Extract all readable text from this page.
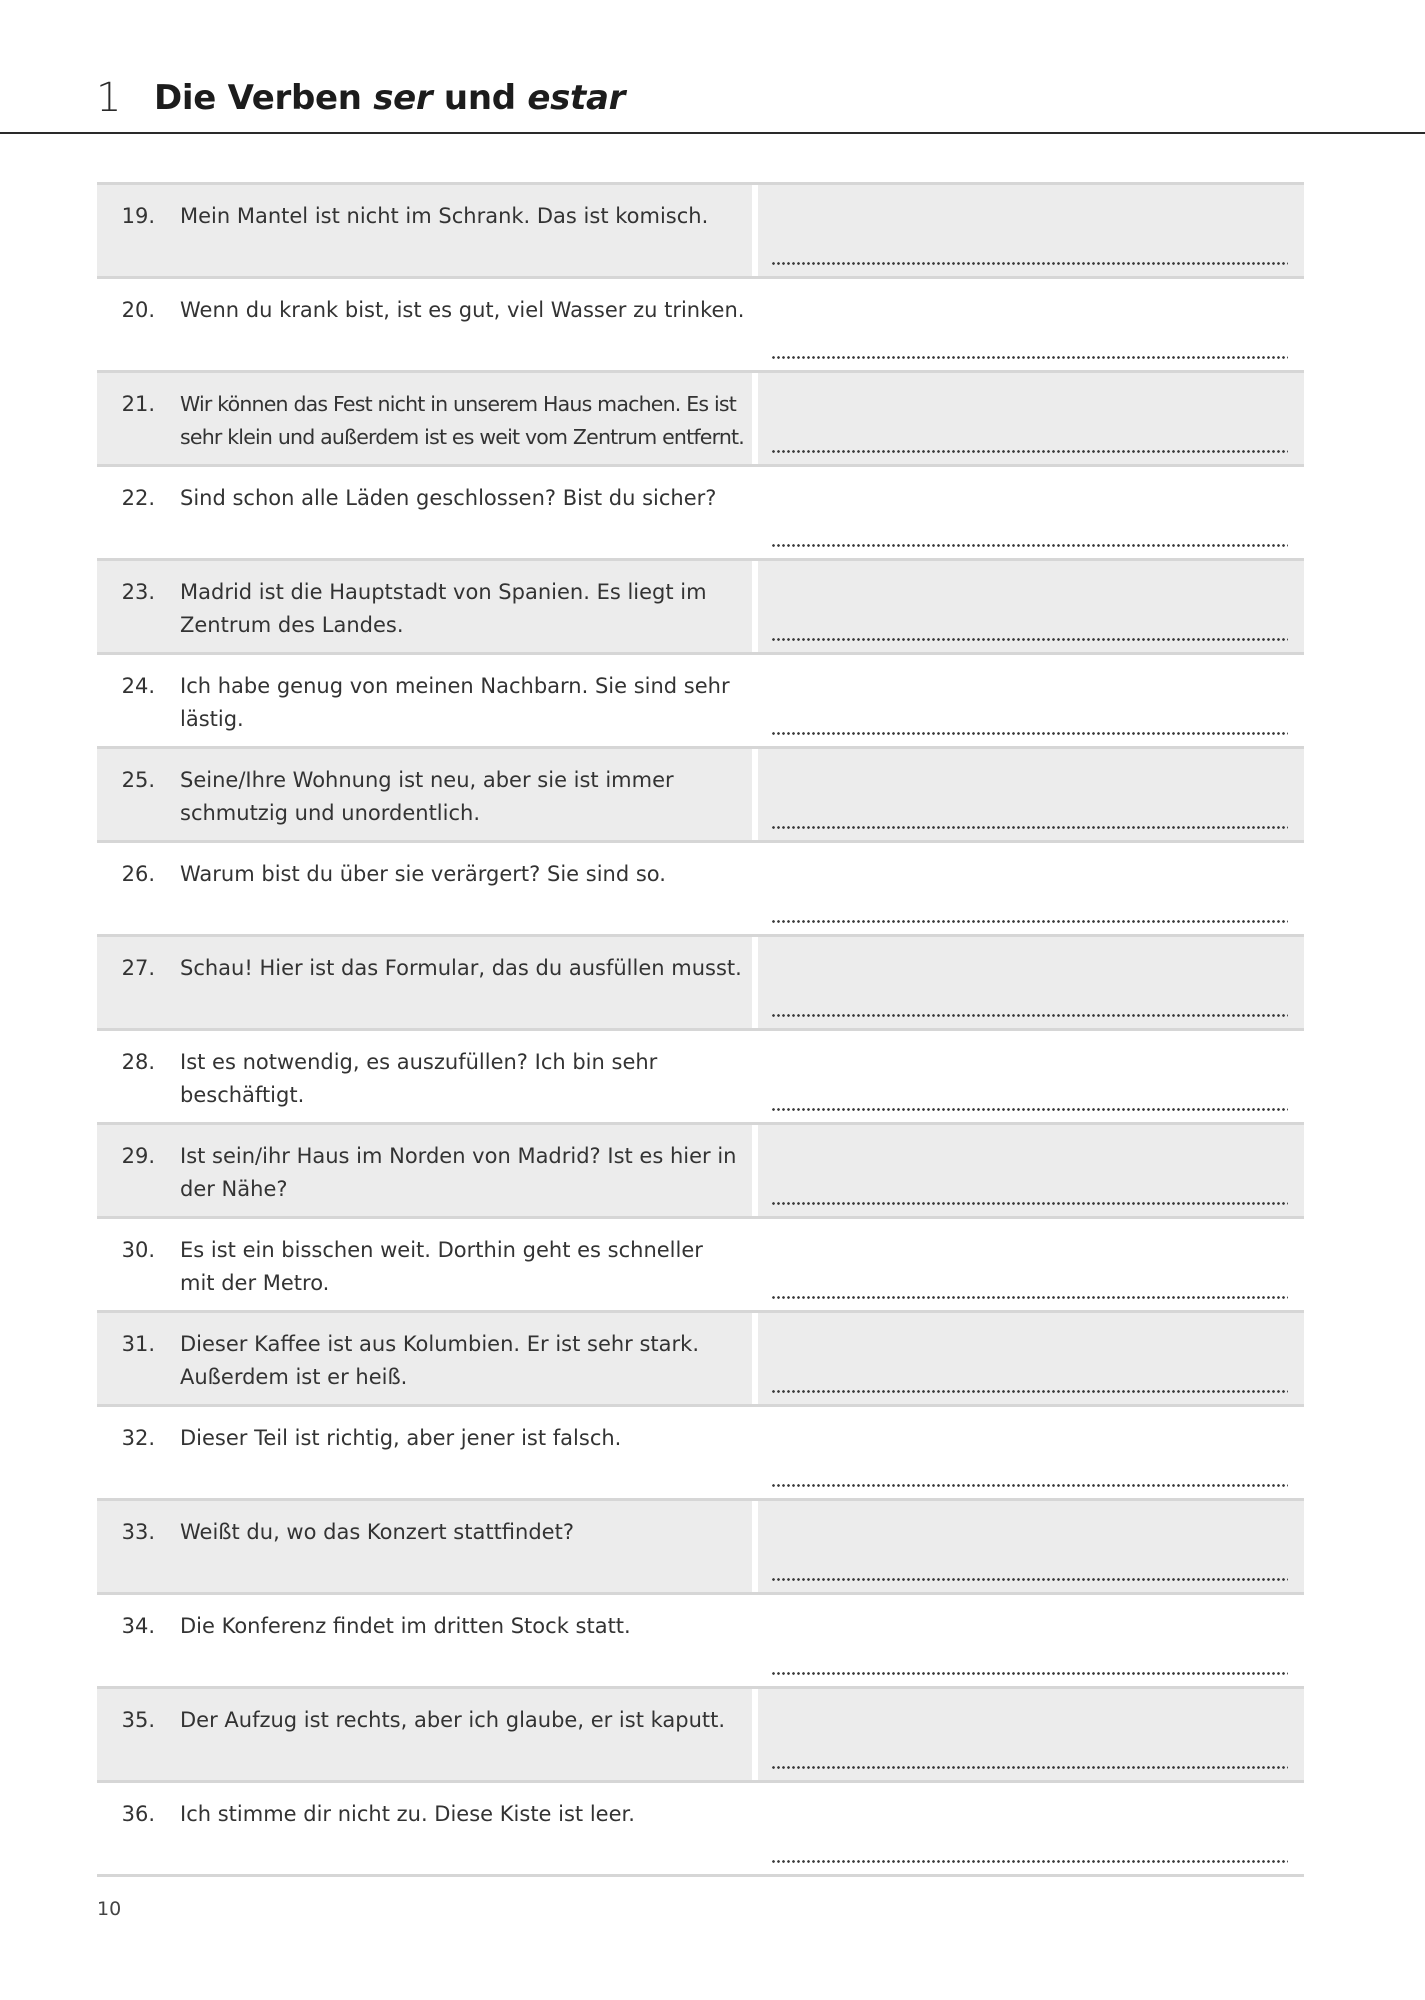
1 Die Verben ser und estar
19. Mein Mantel ist nicht im Schrank. Das ist komisch.
20. Wenn du krank bist, ist es gut, viel Wasser zu trinken.
21. Wir können das Fest nicht in unserem Haus machen. Es ist
sehr klein und außerdem ist es weit vom Zentrum entfernt.
22. Sind schon alle Läden geschlossen? Bist du sicher?
23. Madrid ist die Hauptstadt von Spanien. Es liegt im
Zentrum des Landes.
24. Ich habe genug von meinen Nachbarn. Sie sind sehr
lästig.
25. Seine/Ihre Wohnung ist neu, aber sie ist immer
schmutzig und unordentlich.
26. Warum bist du über sie verärgert? Sie sind so.
27. Schau! Hier ist das Formular, das du ausfüllen musst.
28. Ist es notwendig, es auszufüllen? Ich bin sehr
beschäftigt.
29. Ist sein/ihr Haus im Norden von Madrid? Ist es hier in
der Nähe?
30. Es ist ein bisschen weit. Dorthin geht es schneller
mit der Metro.
31. Dieser Kaffee ist aus Kolumbien. Er ist sehr stark.
Außerdem ist er heiß.
32. Dieser Teil ist richtig, aber jener ist falsch.
33. Weißt du, wo das Konzert stattfindet?
34. Die Konferenz findet im dritten Stock statt.
35. Der Aufzug ist rechts, aber ich glaube, er ist kaputt.
36. Ich stimme dir nicht zu. Diese Kiste ist leer.
10
